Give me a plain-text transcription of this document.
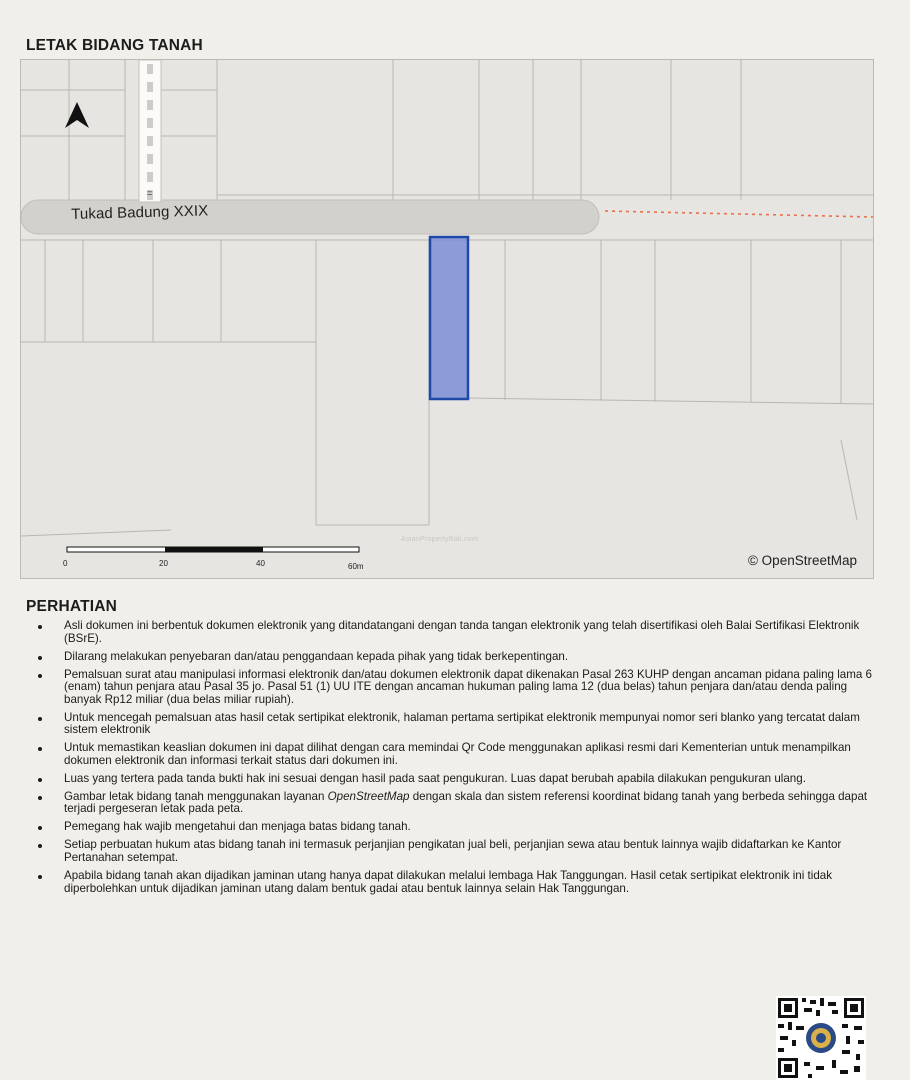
LETAK BIDANG TANAH
=
0	20	40	60m
Tukad Badung XXIX
AsianPropertyBali.com
© OpenStreetMap
PERHATIAN
Asli dokumen ini berbentuk dokumen elektronik yang ditandatangani dengan tanda tangan elektronik yang telah disertifikasi oleh Balai Sertifikasi Elektronik (BSrE).
Dilarang melakukan penyebaran dan/atau penggandaan kepada pihak yang tidak berkepentingan.
Pemalsuan surat atau manipulasi informasi elektronik dan/atau dokumen elektronik dapat dikenakan Pasal 263 KUHP dengan ancaman pidana paling lama 6 (enam) tahun penjara atau Pasal 35 jo. Pasal 51 (1) UU ITE dengan ancaman hukuman paling lama 12 (dua belas) tahun penjara dan/atau denda paling banyak Rp12 miliar (dua belas miliar rupiah).
Untuk mencegah pemalsuan atas hasil cetak sertipikat elektronik, halaman pertama sertipikat elektronik mempunyai nomor seri blanko yang tercatat dalam sistem elektronik
Untuk memastikan keaslian dokumen ini dapat dilihat dengan cara memindai Qr Code menggunakan aplikasi resmi dari Kementerian untuk menampilkan dokumen elektronik dan informasi terkait status dari dokumen ini.
Luas yang tertera pada tanda bukti hak ini sesuai dengan hasil pada saat pengukuran. Luas dapat berubah apabila dilakukan pengukuran ulang.
Gambar letak bidang tanah menggunakan layanan OpenStreetMap dengan skala dan sistem referensi koordinat bidang tanah yang berbeda sehingga dapat terjadi pergeseran letak pada peta.
Pemegang hak wajib mengetahui dan menjaga batas bidang tanah.
Setiap perbuatan hukum atas bidang tanah ini termasuk perjanjian pengikatan jual beli, perjanjian sewa atau bentuk lainnya wajib didaftarkan ke Kantor Pertanahan setempat.
Apabila bidang tanah akan dijadikan jaminan utang hanya dapat dilakukan melalui lembaga Hak Tanggungan. Hasil cetak sertipikat elektronik ini tidak diperbolehkan untuk dijadikan jaminan utang dalam bentuk gadai atau bentuk lainnya selain Hak Tanggungan.
